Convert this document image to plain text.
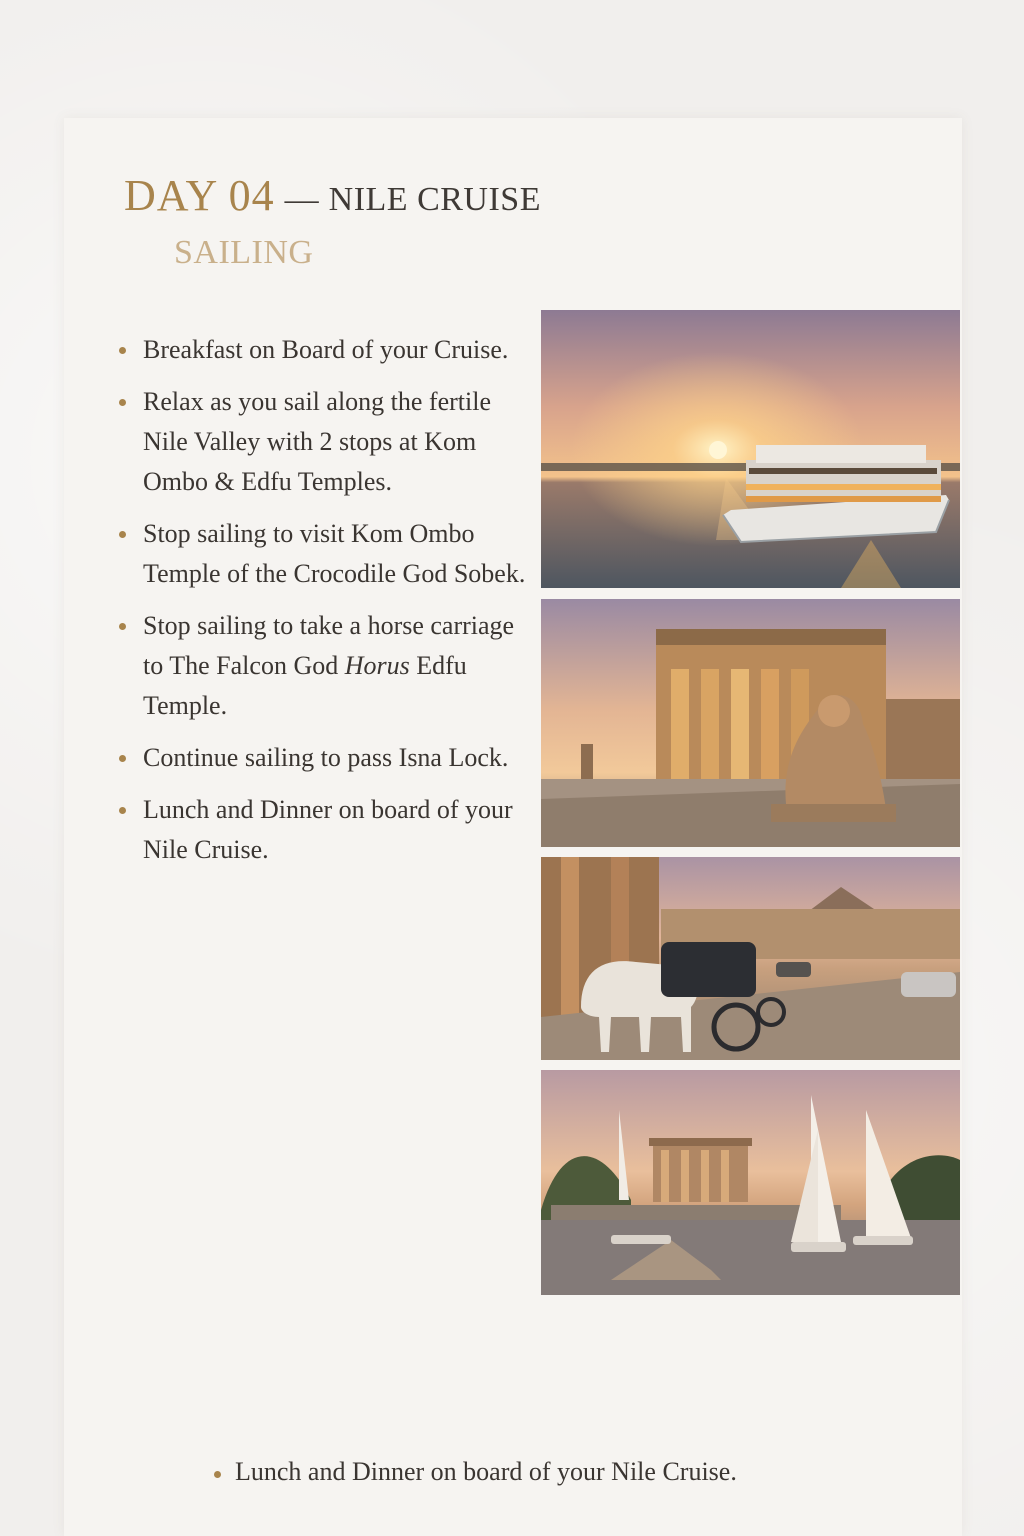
DAY 04 — NILE CRUISE
SAILING
Breakfast on Board of your Cruise.
Relax as you sail along the fertile Nile Valley with 2 stops at Kom Ombo & Edfu Temples.
Stop sailing to visit Kom Ombo Temple of the Crocodile God Sobek.
Stop sailing to take a horse carriage to The Falcon God Horus Edfu Temple.
Continue sailing to pass Isna Lock.
Lunch and Dinner on board of your Nile Cruise.
Lunch and Dinner on board of your Nile Cruise.
